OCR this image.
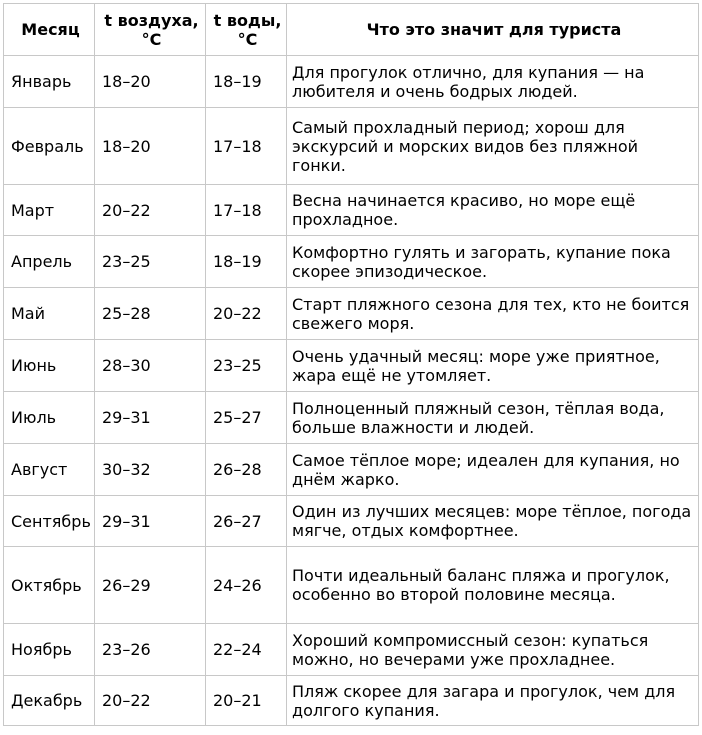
Месяц	t воздуха, °C	t воды, °C	Что это значит для туриста
Январь	18–20	18–19	Для прогулок отлично, для купания — на любителя и очень бодрых людей.
Февраль	18–20	17–18	Самый прохладный период; хорош для экскурсий и морских видов без пляжной гонки.
Март	20–22	17–18	Весна начинается красиво, но море ещё прохладное.
Апрель	23–25	18–19	Комфортно гулять и загорать, купание пока скорее эпизодическое.
Май	25–28	20–22	Старт пляжного сезона для тех, кто не боится свежего моря.
Июнь	28–30	23–25	Очень удачный месяц: море уже приятное, жара ещё не утомляет.
Июль	29–31	25–27	Полноценный пляжный сезон, тёплая вода, больше влажности и людей.
Август	30–32	26–28	Самое тёплое море; идеален для купания, но днём жарко.
Сентябрь	29–31	26–27	Один из лучших месяцев: море тёплое, погода мягче, отдых комфортнее.
Октябрь	26–29	24–26	Почти идеальный баланс пляжа и прогулок, особенно во второй половине месяца.
Ноябрь	23–26	22–24	Хороший компромиссный сезон: купаться можно, но вечерами уже прохладнее.
Декабрь	20–22	20–21	Пляж скорее для загара и прогулок, чем для долгого купания.
